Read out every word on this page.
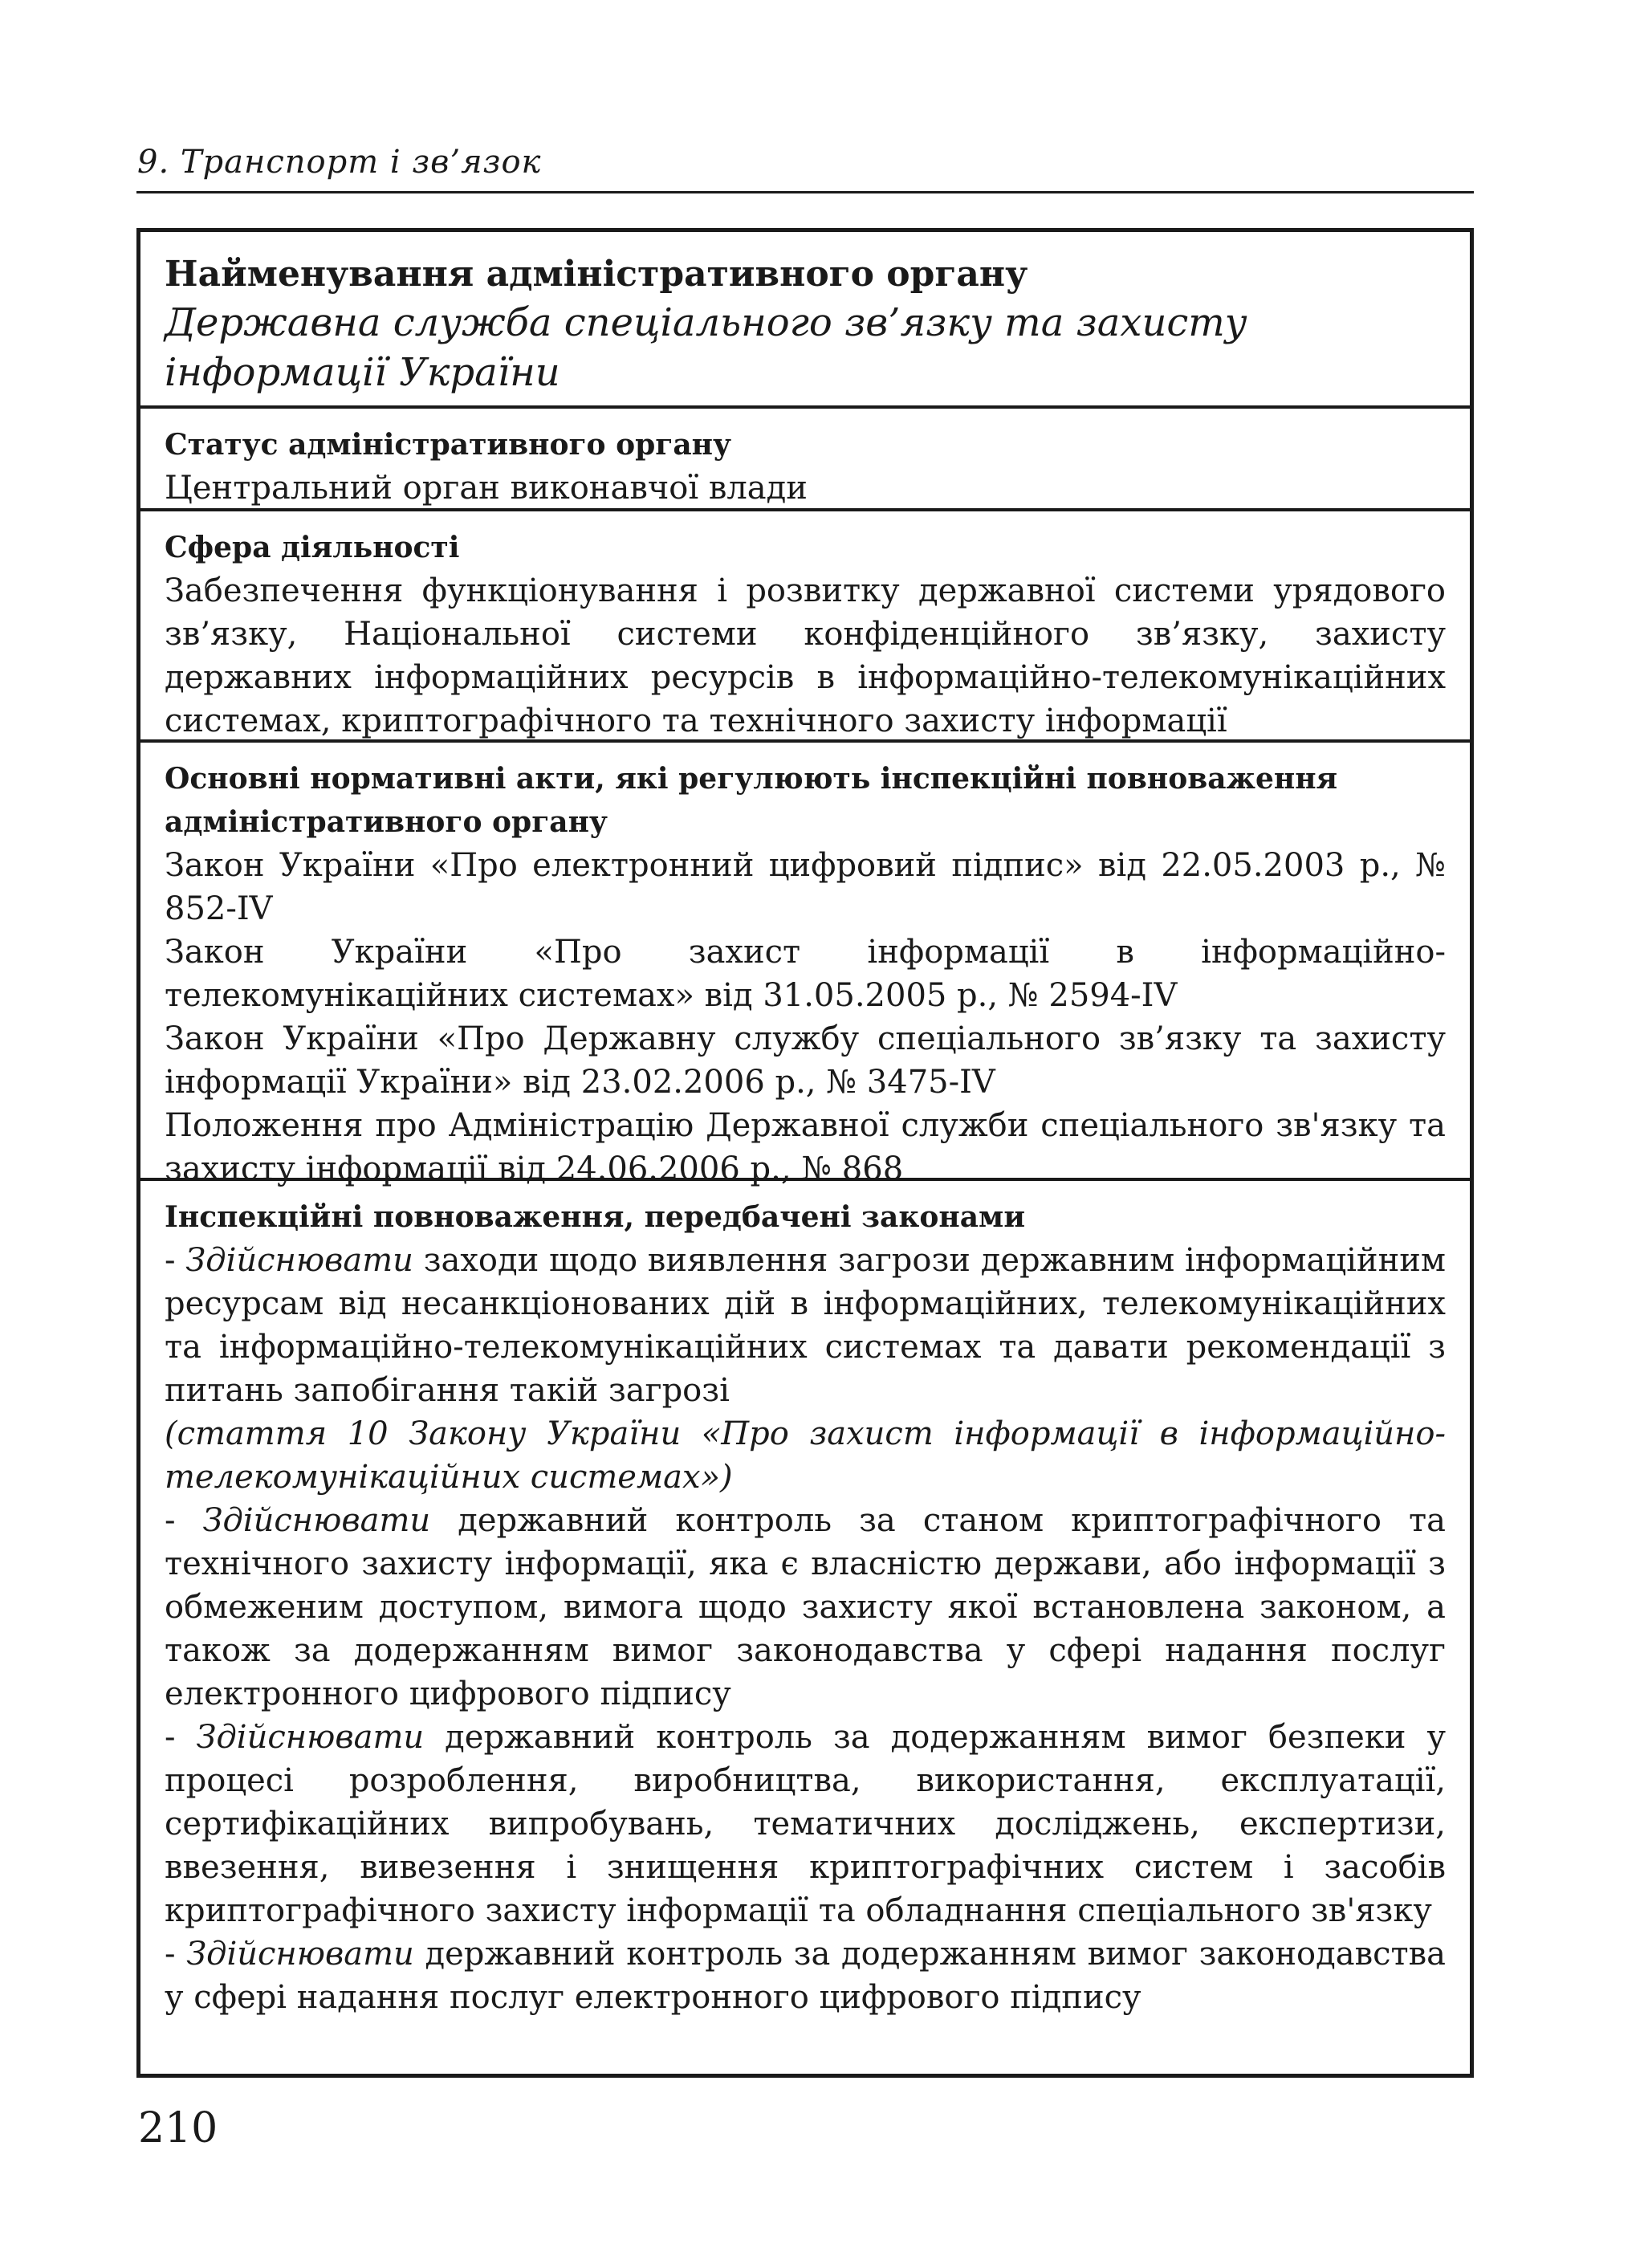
9. Транспорт і зв’язок
Найменування адміністративного органу
Державна служба спеціального зв’язку та захисту інформації України
Статус адміністративного органу
Центральний орган виконавчої влади
Сфера діяльності
Забезпечення функціонування і розвитку державної системи урядового зв’язку, Національної системи конфіденційного зв’язку, захисту державних інформаційних ресурсів в інформаційно-телекомунікаційних системах, криптографічного та технічного захисту інформації
Основні нормативні акти, які регулюють інспекційні повноваження адміністративного органу
Закон України «Про електронний цифровий підпис» від 22.05.2003 р., № 852-IV
Закон України «Про захист інформації в інформаційно-телекомунікаційних системах» від 31.05.2005 р., № 2594-IV
Закон України «Про Державну службу спеціального зв’язку та захисту інформації України» від 23.02.2006 р., № 3475-IV
Положення про Адміністрацію Державної служби спеціального зв'язку та захисту інформації від 24.06.2006 р., № 868
Інспекційні повноваження, передбачені законами
- Здійснювати заходи щодо виявлення загрози державним інформаційним ресурсам від несанкціонованих дій в інформаційних, телекомунікаційних та інформаційно-телекомунікаційних системах та давати рекомендації з питань запобігання такій загрозі
(стаття 10 Закону України «Про захист інформації в інформаційно-телекомунікаційних системах»)
- Здійснювати державний контроль за станом криптографічного та технічного захисту інформації, яка є власністю держави, або інформації з обмеженим доступом, вимога щодо захисту якої встановлена законом, а також за додержанням вимог законодавства у сфері надання послуг електронного цифрового підпису
- Здійснювати державний контроль за додержанням вимог безпеки у процесі розроблення, виробництва, використання, експлуатації, сертифікаційних випробувань, тематичних досліджень, експертизи, ввезення, вивезення і знищення криптографічних систем і засобів криптографічного захисту інформації та обладнання спеціального зв'язку
- Здійснювати державний контроль за додержанням вимог законодавства у сфері надання послуг електронного цифрового підпису
210
